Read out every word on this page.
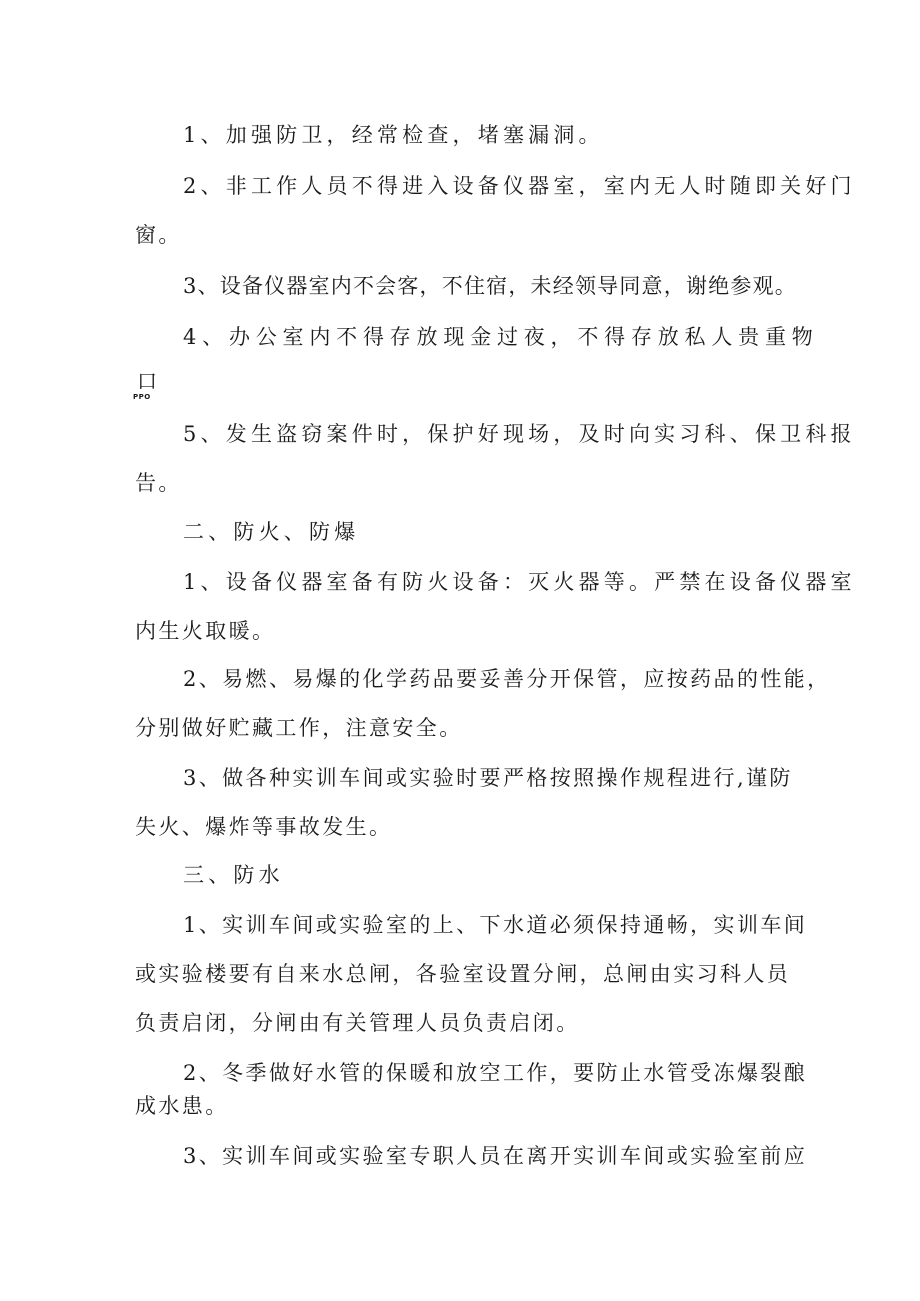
1、加强防卫，经常检查，堵塞漏洞。
2、非工作人员不得进入设备仪器室，室内无人时随即关好门
窗。
3、设备仪器室内不会客，不住宿，未经领导同意，谢绝参观。
4、办公室内不得存放现金过夜，不得存放私人贵重物
口
PPO
5、发生盗窃案件时，保护好现场，及时向实习科、保卫科报
告。
二、防火、防爆
1、设备仪器室备有防火设备：灭火器等。严禁在设备仪器室
内生火取暖。
2、易燃、易爆的化学药品要妥善分开保管，应按药品的性能，
分别做好贮藏工作，注意安全。
3、做各种实训车间或实验时要严格按照操作规程进行,谨防
失火、爆炸等事故发生。
三、防水
1、实训车间或实验室的上、下水道必须保持通畅，实训车间
或实验楼要有自来水总闸，各验室设置分闸，总闸由实习科人员
负责启闭，分闸由有关管理人员负责启闭。
2、冬季做好水管的保暖和放空工作，要防止水管受冻爆裂酿
成水患。
3、实训车间或实验室专职人员在离开实训车间或实验室前应
